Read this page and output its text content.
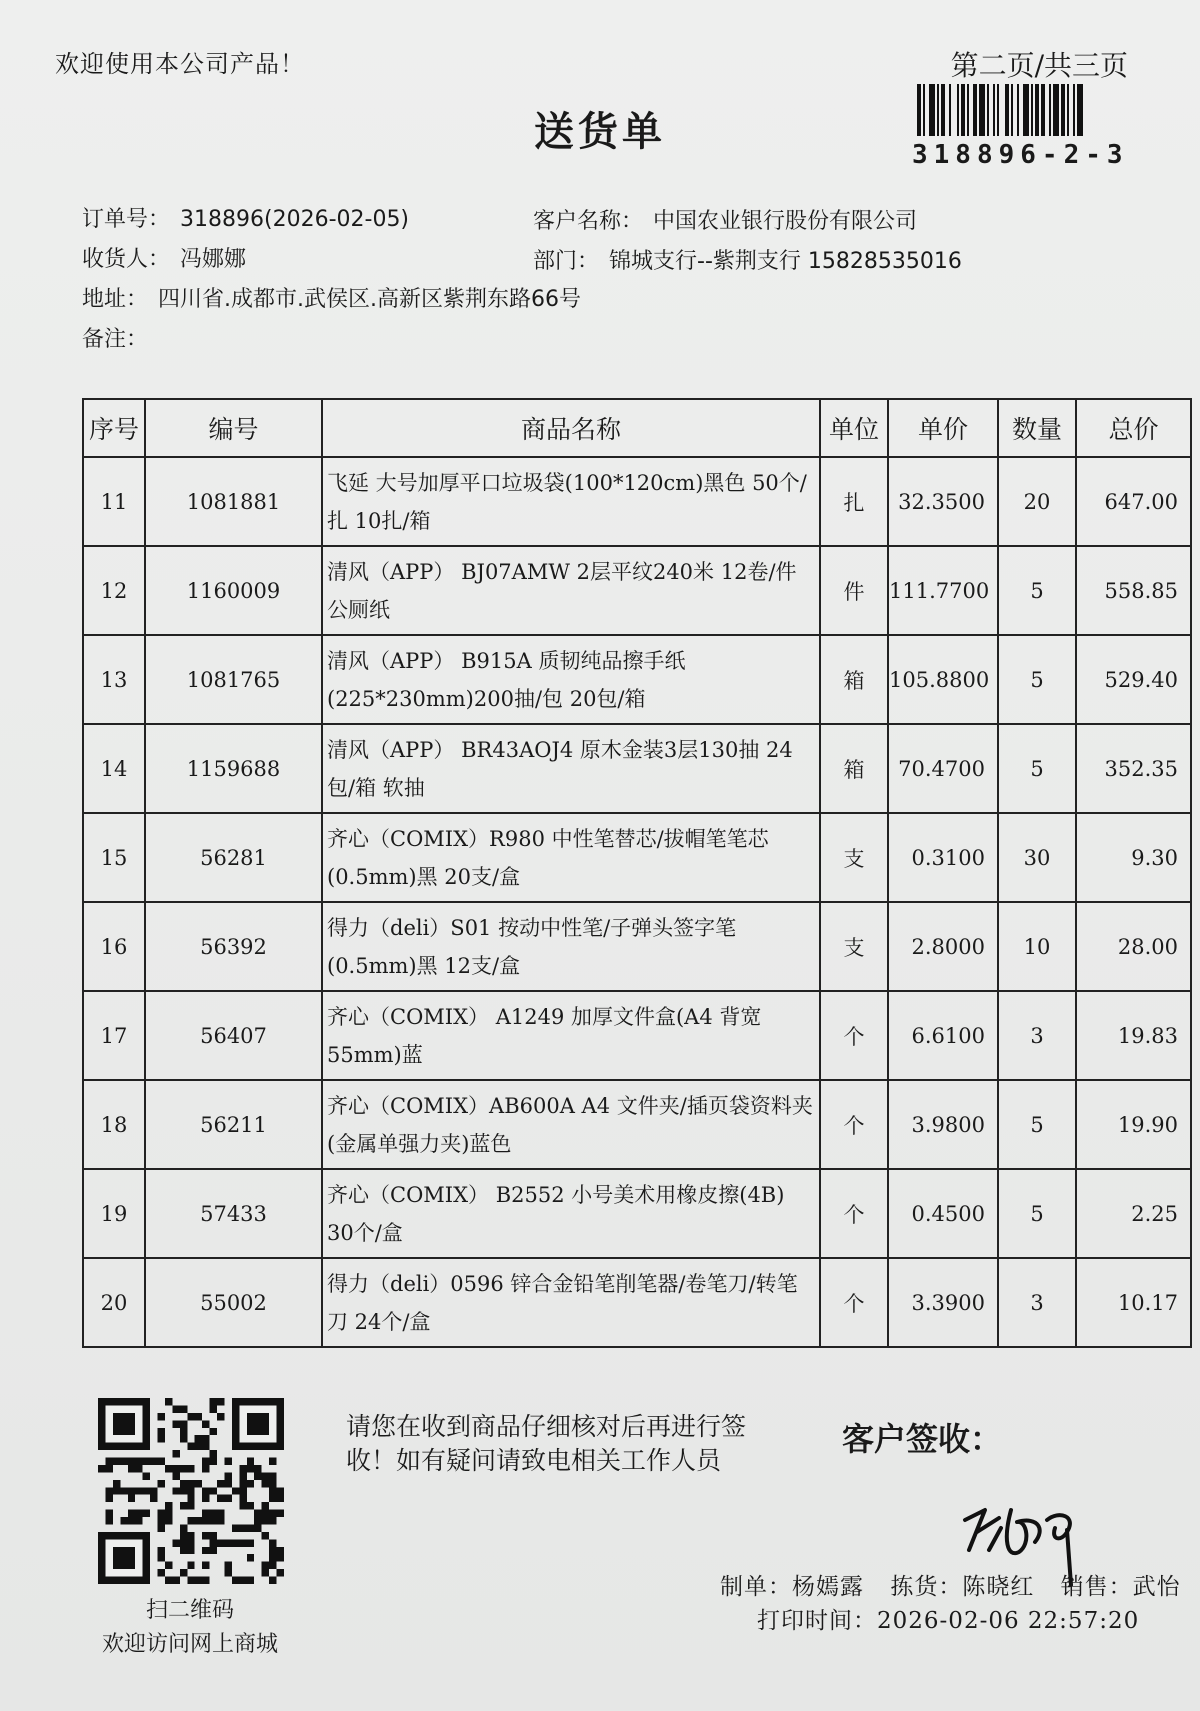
欢迎使用本公司产品！	第二页/共三页
送货单	318896-2-3
订单号： 318896(2026-02-05)	客户名称： 中国农业银行股份有限公司
收货人： 冯娜娜	部门： 锦城支行--紫荆支行 15828535016
地址： 四川省.成都市.武侯区.高新区紫荆东路66号
备注：
序号	编号	商品名称	单位	单价	数量	总价
11	1081881	飞延 大号加厚平口垃圾袋(100*120cm)黑色 50个/扎 10扎/箱	扎	32.3500	20	647.00
12	1160009	清风（APP） BJ07AMW 2层平纹240米 12卷/件 公厕纸	件	111.7700	5	558.85
13	1081765	清风（APP） B915A 质韧纯品擦手纸(225*230mm)200抽/包 20包/箱	箱	105.8800	5	529.40
14	1159688	清风（APP） BR43AOJ4 原木金装3层130抽 24包/箱 软抽	箱	70.4700	5	352.35
15	56281	齐心（COMIX）R980 中性笔替芯/拔帽笔笔芯(0.5mm)黑 20支/盒	支	0.3100	30	9.30
16	56392	得力（deli）S01 按动中性笔/子弹头签字笔(0.5mm)黑 12支/盒	支	2.8000	10	28.00
17	56407	齐心（COMIX） A1249 加厚文件盒(A4 背宽55mm)蓝	个	6.6100	3	19.83
18	56211	齐心（COMIX）AB600A A4 文件夹/插页袋资料夹(金属单强力夹)蓝色	个	3.9800	5	19.90
19	57433	齐心（COMIX） B2552 小号美术用橡皮擦(4B) 30个/盒	个	0.4500	5	2.25
20	55002	得力（deli）0596 锌合金铅笔削笔器/卷笔刀/转笔刀 24个/盒	个	3.3900	3	10.17
扫二维码
欢迎访问网上商城
请您在收到商品仔细核对后再进行签收！如有疑问请致电相关工作人员
客户签收：
制单：杨嫣露 拣货：陈晓红 销售：武怡
打印时间：2026-02-06 22:57:20
